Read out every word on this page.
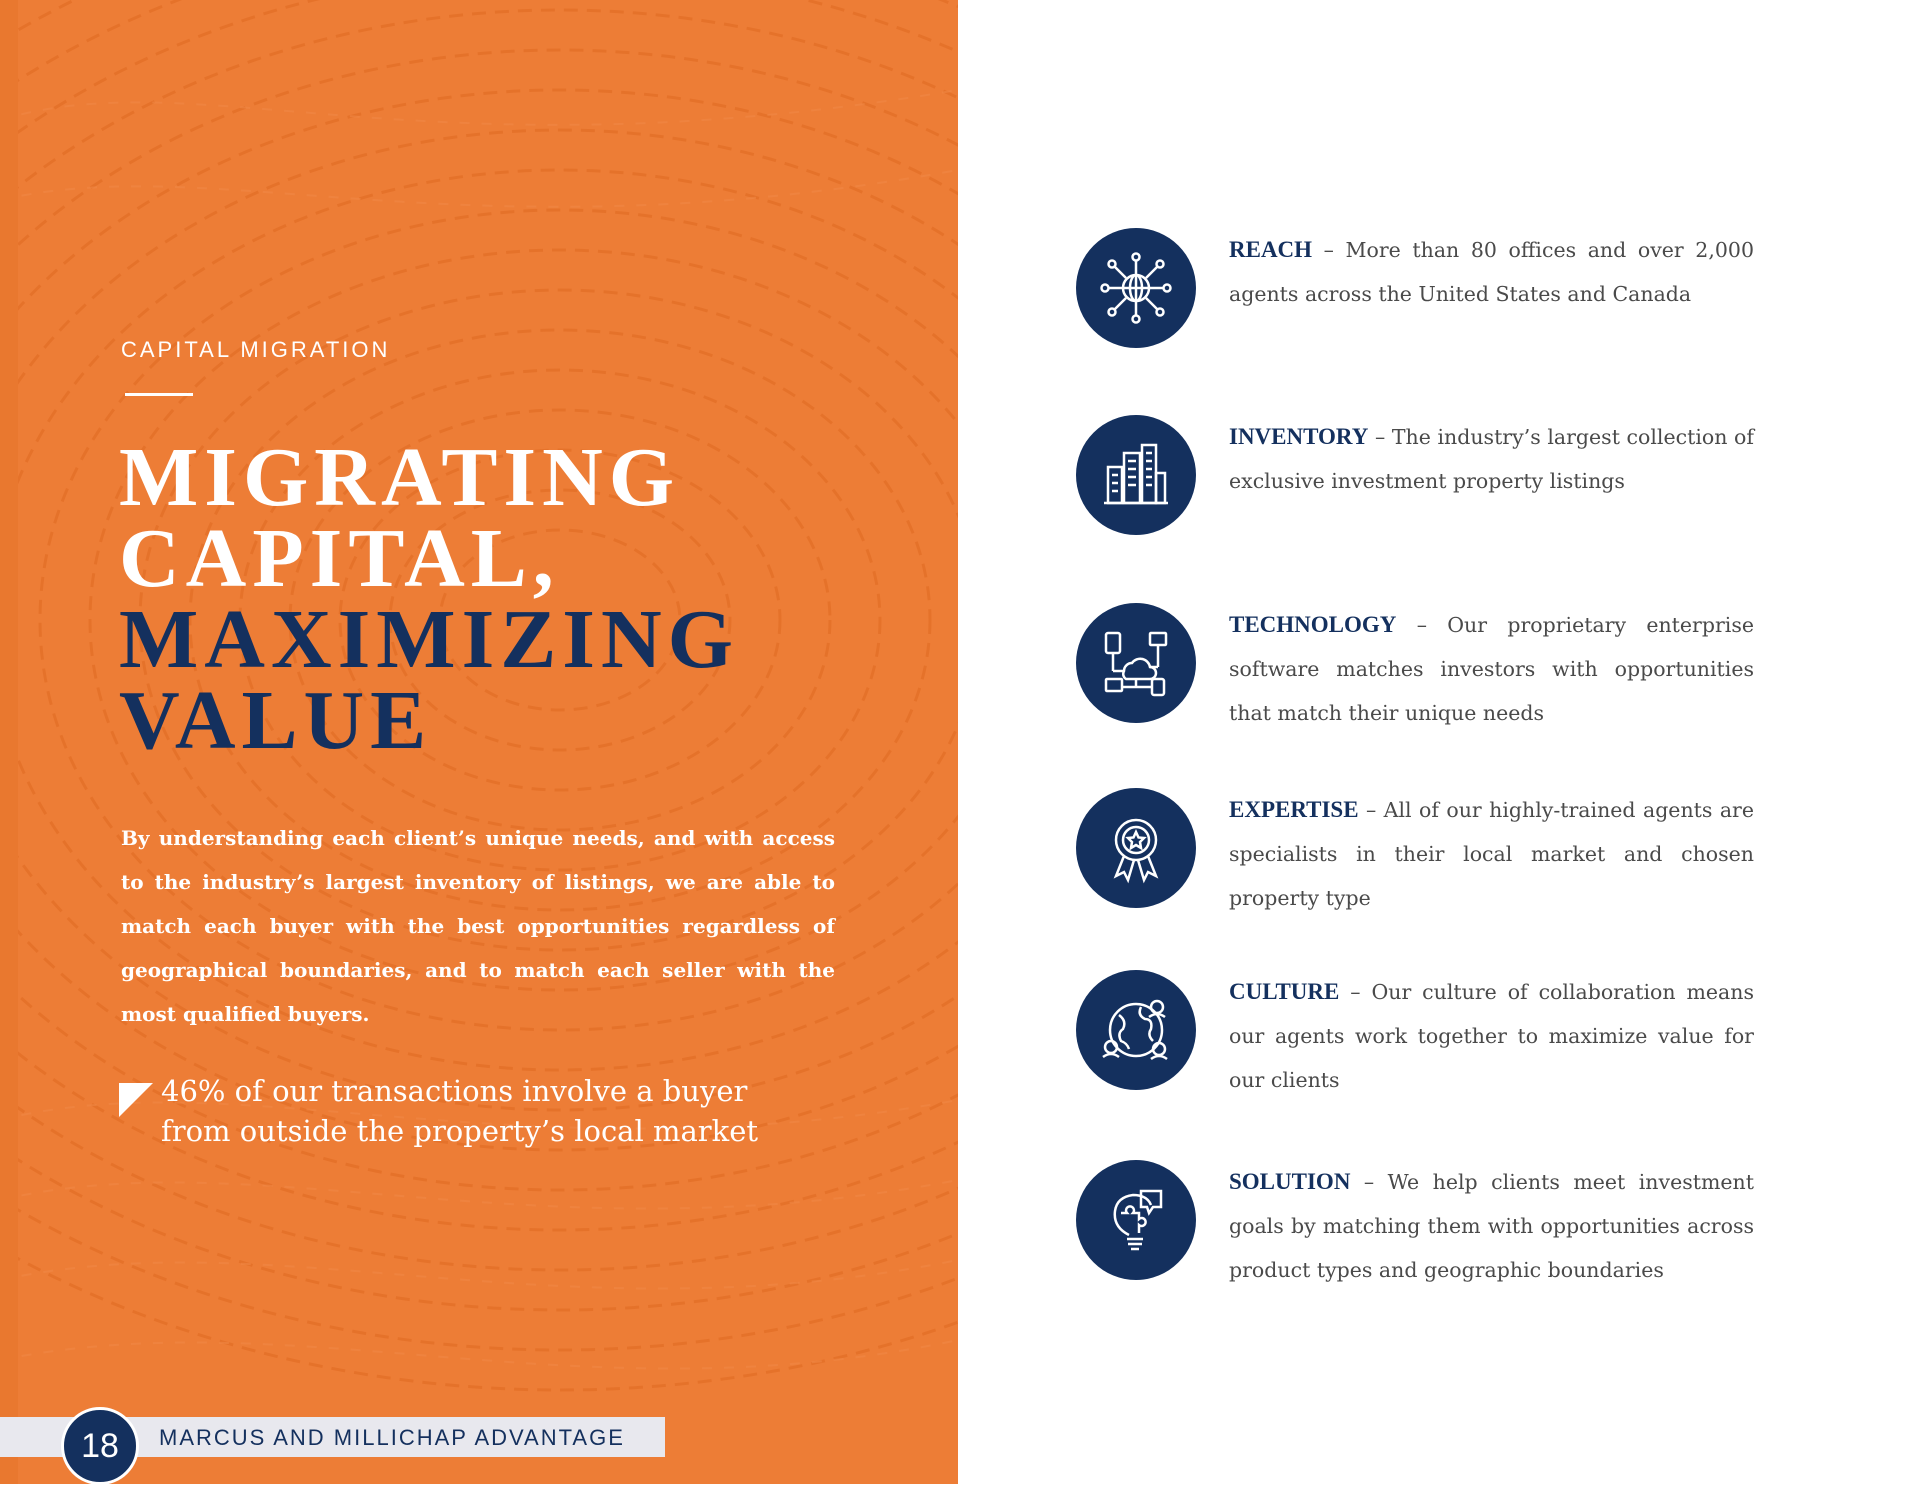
CAPITAL MIGRATION
MIGRATING
CAPITAL,
MAXIMIZING
VALUE
By understanding each client’s unique needs, and with access to the industry’s largest inventory of listings, we are able to match each buyer with the best opportunities regardless of geographical boundaries, and to match each seller with the most qualified buyers.
46% of our transactions involve a buyer from outside the property’s local market
18	MARCUS AND MILLICHAP ADVANTAGE
REACH – More than 80 offices and over 2,000 agents across the United States and Canada
INVENTORY – The industry’s largest collection of exclusive investment property listings
TECHNOLOGY – Our proprietary enterprise software matches investors with opportunities that match their unique needs
EXPERTISE – All of our highly-trained agents are specialists in their local market and chosen property type
CULTURE – Our culture of collaboration means our agents work together to maximize value for our clients
SOLUTION – We help clients meet investment goals by matching them with opportunities across product types and geographic boundaries
